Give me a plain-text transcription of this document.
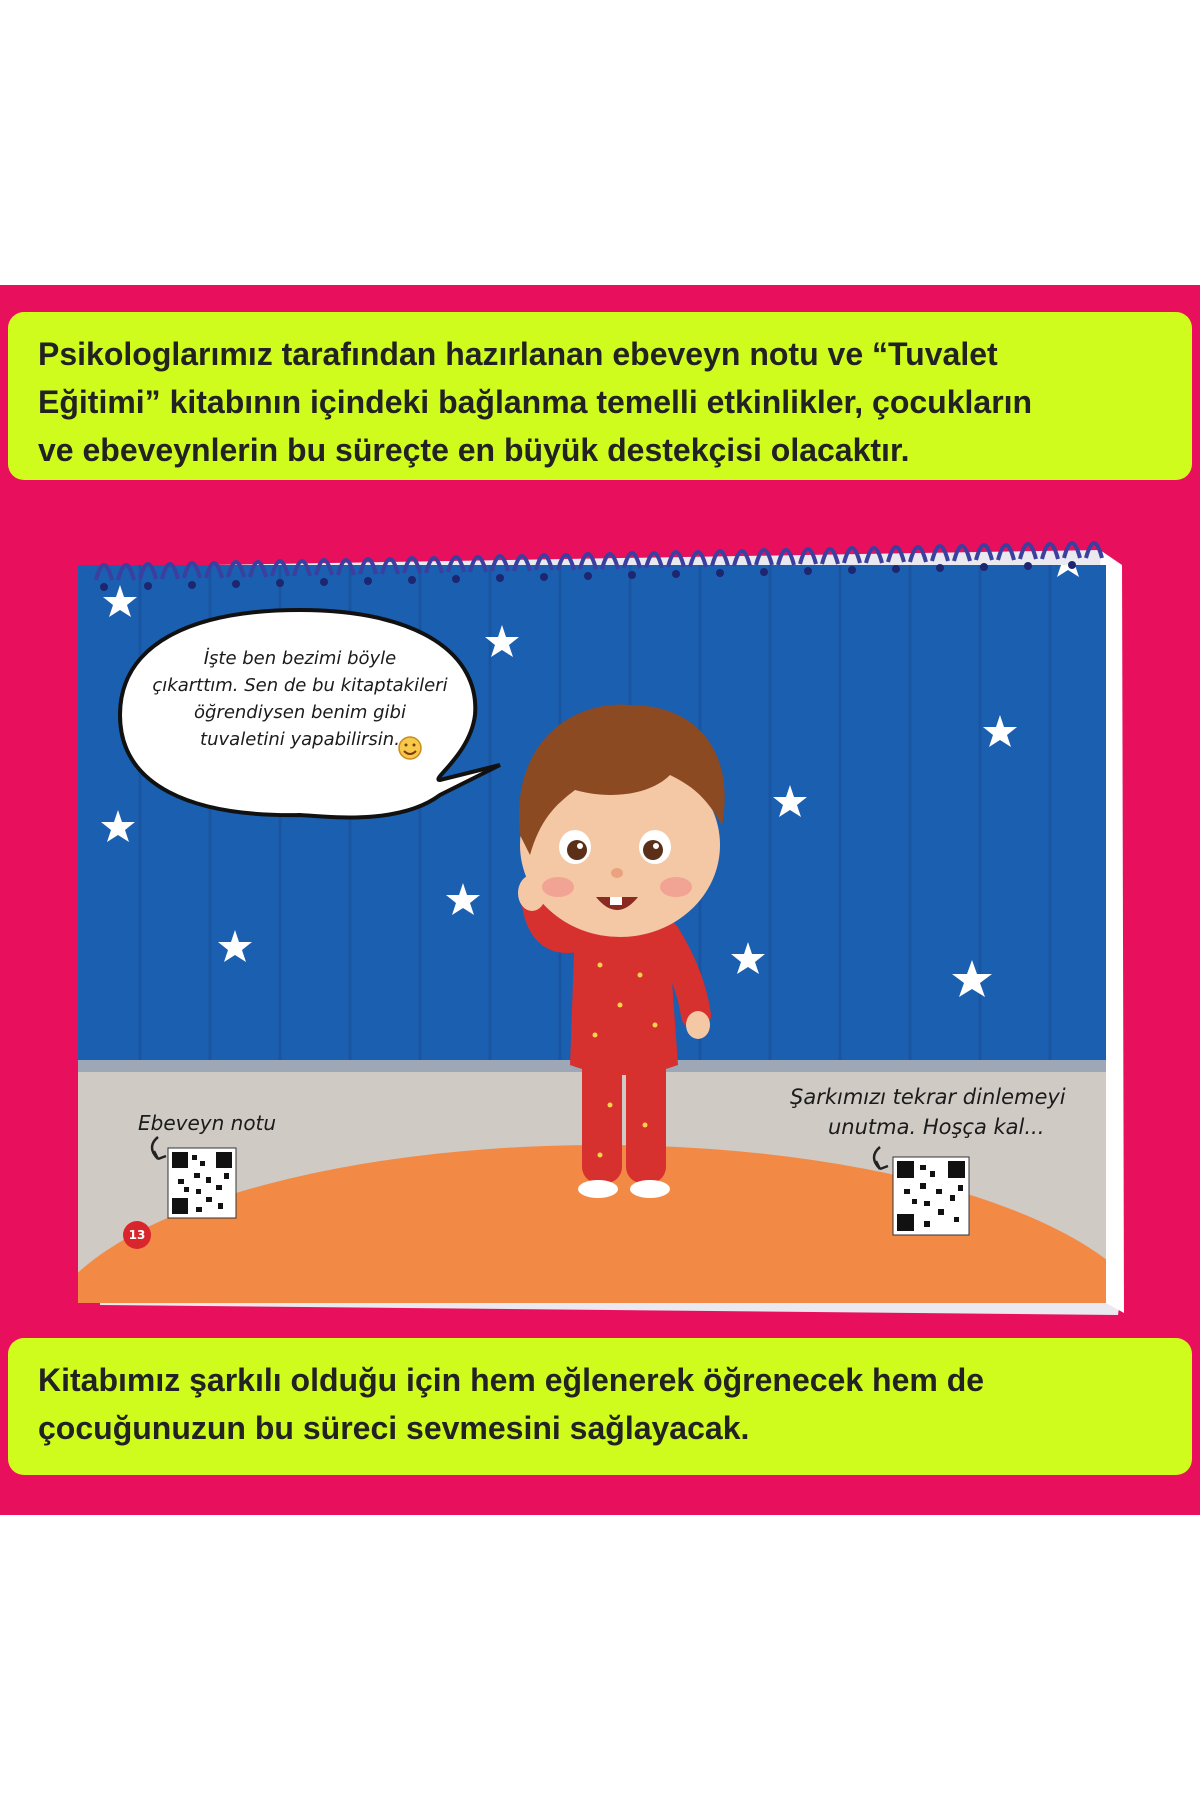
Psikologlarımız tarafından hazırlanan ebeveyn notu ve “Tuvalet
Eğitimi” kitabının içindeki bağlanma temelli etkinlikler, çocukların
ve ebeveynlerin bu süreçte en büyük destekçisi olacaktır.
İşte ben bezimi böyle
çıkarttım. Sen de bu kitaptakileri
öğrendiysen benim gibi
tuvaletini yapabilirsin.
Ebeveyn notu
Şarkımızı tekrar dinlemeyi
unutma. Hoşça kal...
13
Kitabımız şarkılı olduğu için hem eğlenerek öğrenecek hem de
çocuğunuzun bu süreci sevmesini sağlayacak.
